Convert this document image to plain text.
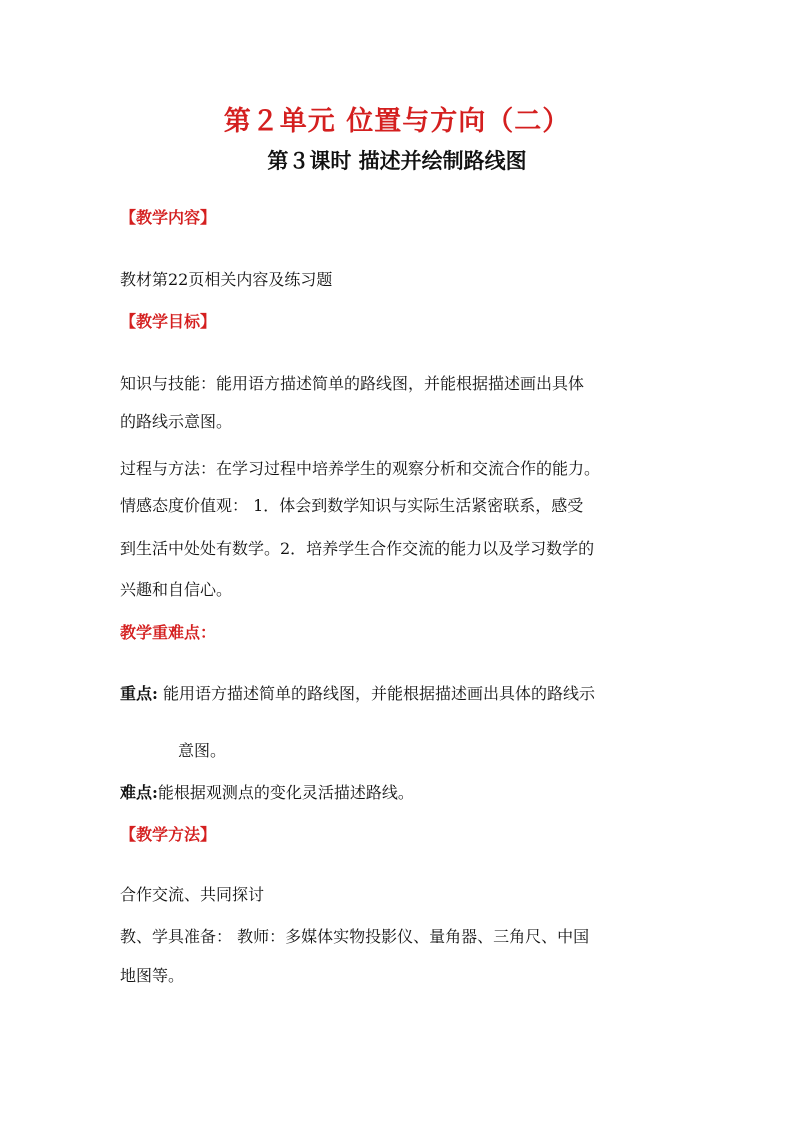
第２单元 位置与方向（二）
第３课时 描述并绘制路线图
【教学内容】
教材第22页相关内容及练习题
【教学目标】
知识与技能：能用语方描述简单的路线图，并能根据描述画出具体
的路线示意图。
过程与方法：在学习过程中培养学生的观察分析和交流合作的能力。
情感态度价值观： 1．体会到数学知识与实际生活紧密联系，感受
到生活中处处有数学。2．培养学生合作交流的能力以及学习数学的
兴趣和自信心。
教学重难点：
重点: 能用语方描述简单的路线图，并能根据描述画出具体的路线示
意图。
难点:能根据观测点的变化灵活描述路线。
【教学方法】
合作交流、共同探讨
教、学具准备： 教师：多媒体实物投影仪、量角器、三角尺、中国
地图等。
